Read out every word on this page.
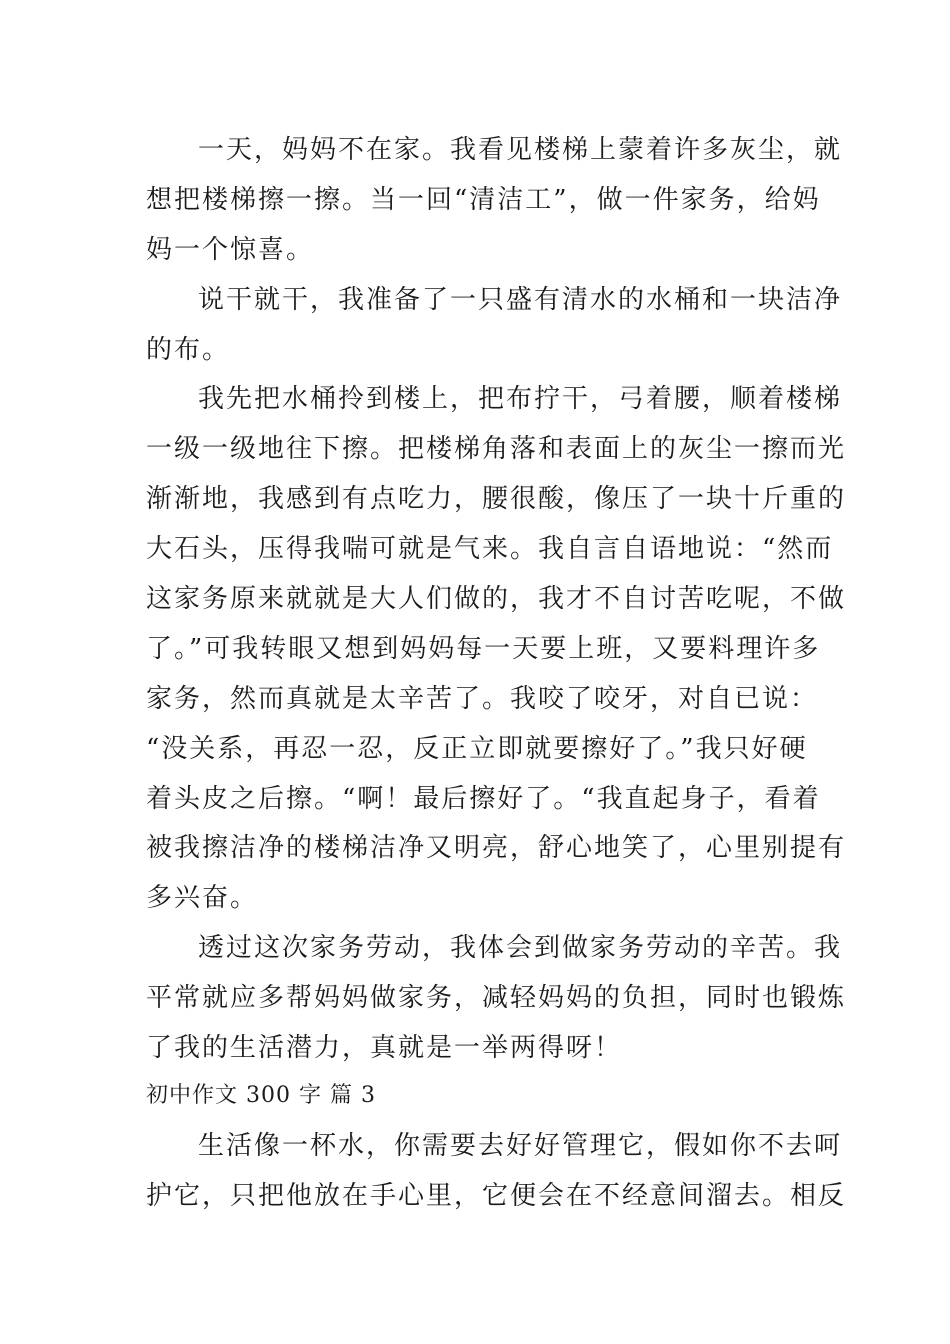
一天，妈妈不在家。我看见楼梯上蒙着许多灰尘，就
想把楼梯擦一擦。当一回“清洁工”，做一件家务，给妈
妈一个惊喜。
说干就干，我准备了一只盛有清水的水桶和一块洁净
的布。
我先把水桶拎到楼上，把布拧干，弓着腰，顺着楼梯
一级一级地往下擦。把楼梯角落和表面上的灰尘一擦而光
渐渐地，我感到有点吃力，腰很酸，像压了一块十斤重的
大石头，压得我喘可就是气来。我自言自语地说：“然而
这家务原来就就是大人们做的，我才不自讨苦吃呢，不做
了。”可我转眼又想到妈妈每一天要上班，又要料理许多
家务，然而真就是太辛苦了。我咬了咬牙，对自已说：
“没关系，再忍一忍，反正立即就要擦好了。”我只好硬
着头皮之后擦。“啊！最后擦好了。“我直起身子，看着
被我擦洁净的楼梯洁净又明亮，舒心地笑了，心里别提有
多兴奋。
透过这次家务劳动，我体会到做家务劳动的辛苦。我
平常就应多帮妈妈做家务，减轻妈妈的负担，同时也锻炼
了我的生活潜力，真就是一举两得呀！
初中作文 300 字 篇 3
生活像一杯水，你需要去好好管理它，假如你不去呵
护它，只把他放在手心里，它便会在不经意间溜去。相反
